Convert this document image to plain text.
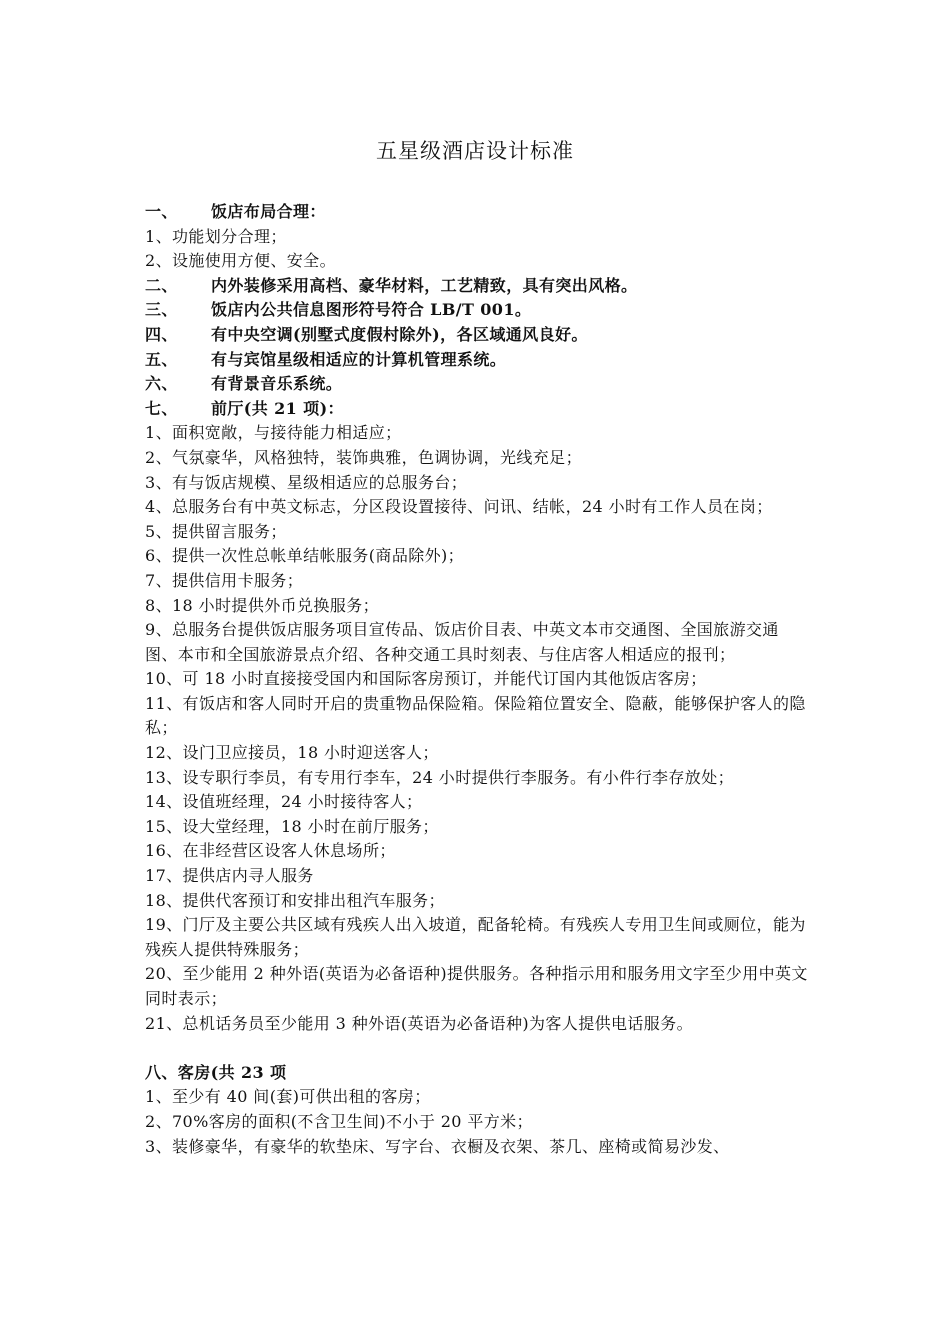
五星级酒店设计标准
一、 饭店布局合理：
1、功能划分合理；
2、设施使用方便、安全。
二、 内外装修采用高档、豪华材料，工艺精致，具有突出风格。
三、 饭店内公共信息图形符号符合 LB/T 001。
四、 有中央空调(别墅式度假村除外)，各区域通风良好。
五、 有与宾馆星级相适应的计算机管理系统。
六、 有背景音乐系统。
七、 前厅(共 21 项)：
1、面积宽敞，与接待能力相适应；
2、气氛豪华，风格独特，装饰典雅，色调协调，光线充足；
3、有与饭店规模、星级相适应的总服务台；
4、总服务台有中英文标志，分区段设置接待、问讯、结帐，24 小时有工作人员在岗；
5、提供留言服务；
6、提供一次性总帐单结帐服务(商品除外)；
7、提供信用卡服务；
8、18 小时提供外币兑换服务；
9、总服务台提供饭店服务项目宣传品、饭店价目表、中英文本市交通图、全国旅游交通图、本市和全国旅游景点介绍、各种交通工具时刻表、与住店客人相适应的报刊；
10、可 18 小时直接接受国内和国际客房预订，并能代订国内其他饭店客房；
11、有饭店和客人同时开启的贵重物品保险箱。保险箱位置安全、隐蔽，能够保护客人的隐私；
12、设门卫应接员，18 小时迎送客人；
13、设专职行李员，有专用行李车，24 小时提供行李服务。有小件行李存放处；
14、设值班经理，24 小时接待客人；
15、设大堂经理，18 小时在前厅服务；
16、在非经营区设客人休息场所；
17、提供店内寻人服务
18、提供代客预订和安排出租汽车服务；
19、门厅及主要公共区域有残疾人出入坡道，配备轮椅。有残疾人专用卫生间或厕位，能为残疾人提供特殊服务；
20、至少能用 2 种外语(英语为必备语种)提供服务。各种指示用和服务用文字至少用中英文同时表示；
21、总机话务员至少能用 3 种外语(英语为必备语种)为客人提供电话服务。
八、客房(共 23 项
1、至少有 40 间(套)可供出租的客房；
2、70%客房的面积(不含卫生间)不小于 20 平方米；
3、装修豪华，有豪华的软垫床、写字台、衣橱及衣架、茶几、座椅或简易沙发、
